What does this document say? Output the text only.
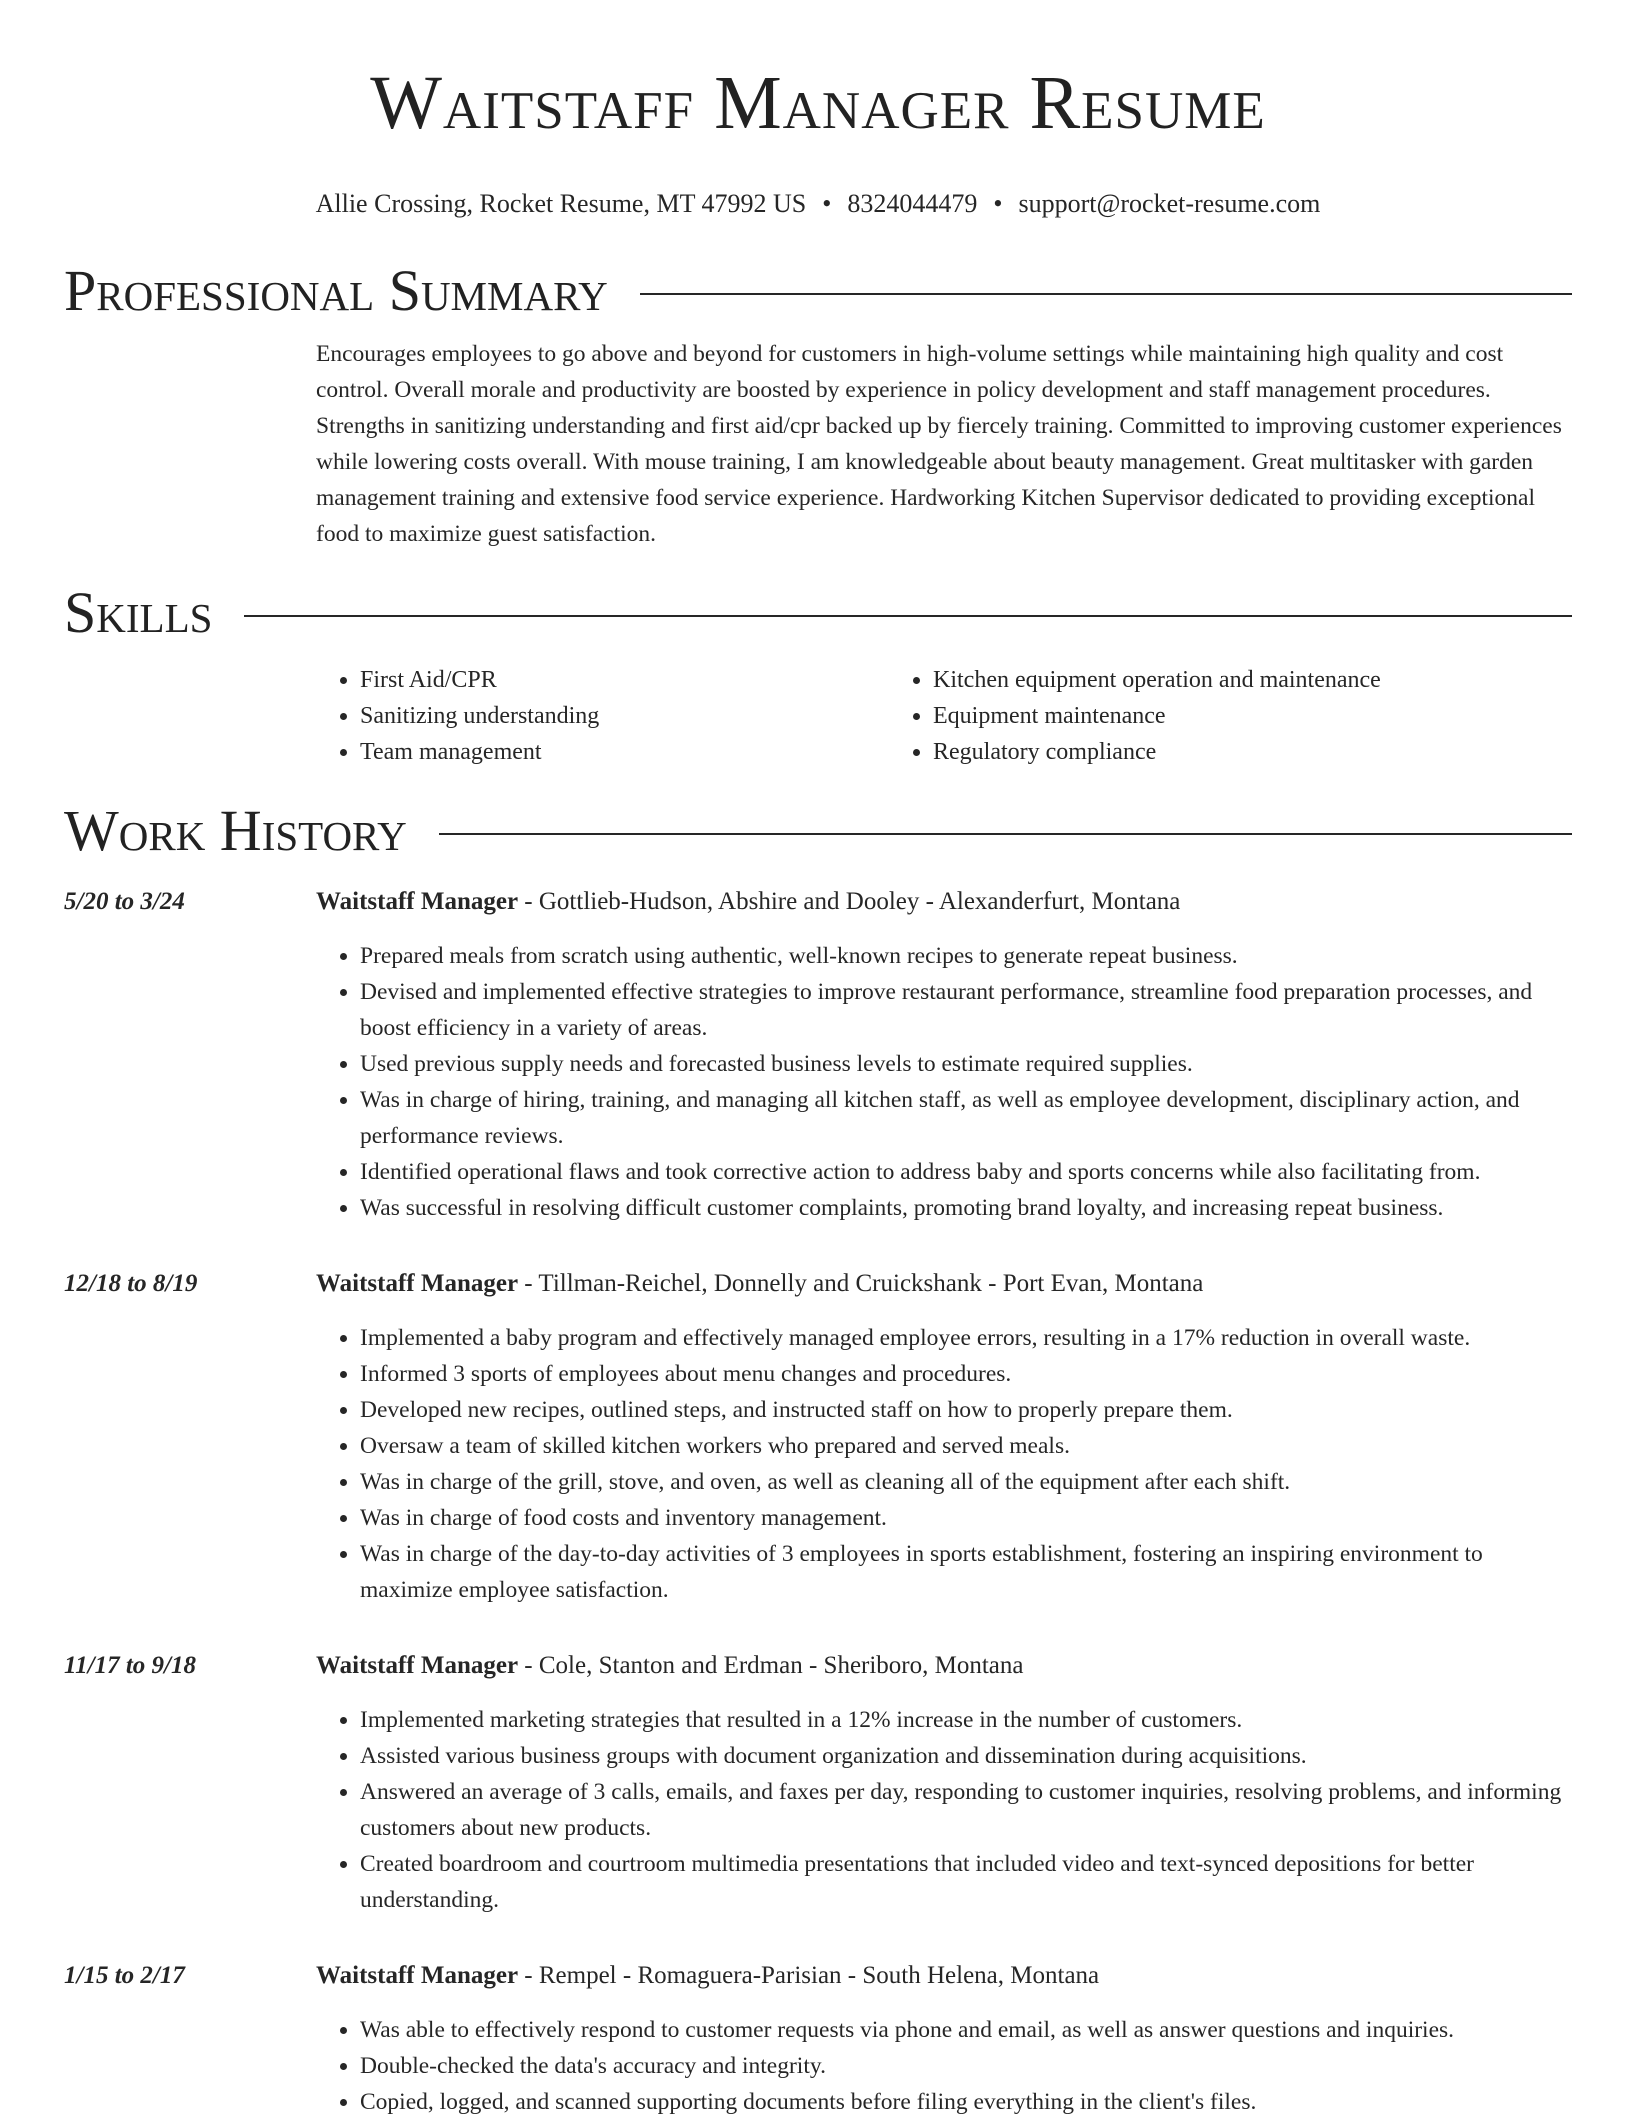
Waitstaff Manager Resume
Allie Crossing, Rocket Resume, MT 47992 US • 8324044479 • support@rocket-resume.com
Professional Summary
Encourages employees to go above and beyond for customers in high-volume settings while maintaining high quality and cost control. Overall morale and productivity are boosted by experience in policy development and staff management procedures. Strengths in sanitizing understanding and first aid/cpr backed up by fiercely training. Committed to improving customer experiences while lowering costs overall. With mouse training, I am knowledgeable about beauty management. Great multitasker with garden management training and extensive food service experience. Hardworking Kitchen Supervisor dedicated to providing exceptional food to maximize guest satisfaction.
Skills
• First Aid/CPR
• Sanitizing understanding
• Team management
• Kitchen equipment operation and maintenance
• Equipment maintenance
• Regulatory compliance
Work History
5/20 to 3/24	Waitstaff Manager - Gottlieb-Hudson, Abshire and Dooley - Alexanderfurt, Montana
• Prepared meals from scratch using authentic, well-known recipes to generate repeat business.
• Devised and implemented effective strategies to improve restaurant performance, streamline food preparation processes, and boost efficiency in a variety of areas.
• Used previous supply needs and forecasted business levels to estimate required supplies.
• Was in charge of hiring, training, and managing all kitchen staff, as well as employee development, disciplinary action, and performance reviews.
• Identified operational flaws and took corrective action to address baby and sports concerns while also facilitating from.
• Was successful in resolving difficult customer complaints, promoting brand loyalty, and increasing repeat business.
12/18 to 8/19	Waitstaff Manager - Tillman-Reichel, Donnelly and Cruickshank - Port Evan, Montana
• Implemented a baby program and effectively managed employee errors, resulting in a 17% reduction in overall waste.
• Informed 3 sports of employees about menu changes and procedures.
• Developed new recipes, outlined steps, and instructed staff on how to properly prepare them.
• Oversaw a team of skilled kitchen workers who prepared and served meals.
• Was in charge of the grill, stove, and oven, as well as cleaning all of the equipment after each shift.
• Was in charge of food costs and inventory management.
• Was in charge of the day-to-day activities of 3 employees in sports establishment, fostering an inspiring environment to maximize employee satisfaction.
11/17 to 9/18	Waitstaff Manager - Cole, Stanton and Erdman - Sheriboro, Montana
• Implemented marketing strategies that resulted in a 12% increase in the number of customers.
• Assisted various business groups with document organization and dissemination during acquisitions.
• Answered an average of 3 calls, emails, and faxes per day, responding to customer inquiries, resolving problems, and informing customers about new products.
• Created boardroom and courtroom multimedia presentations that included video and text-synced depositions for better understanding.
1/15 to 2/17	Waitstaff Manager - Rempel - Romaguera-Parisian - South Helena, Montana
• Was able to effectively respond to customer requests via phone and email, as well as answer questions and inquiries.
• Double-checked the data's accuracy and integrity.
• Copied, logged, and scanned supporting documents before filing everything in the client's files.
